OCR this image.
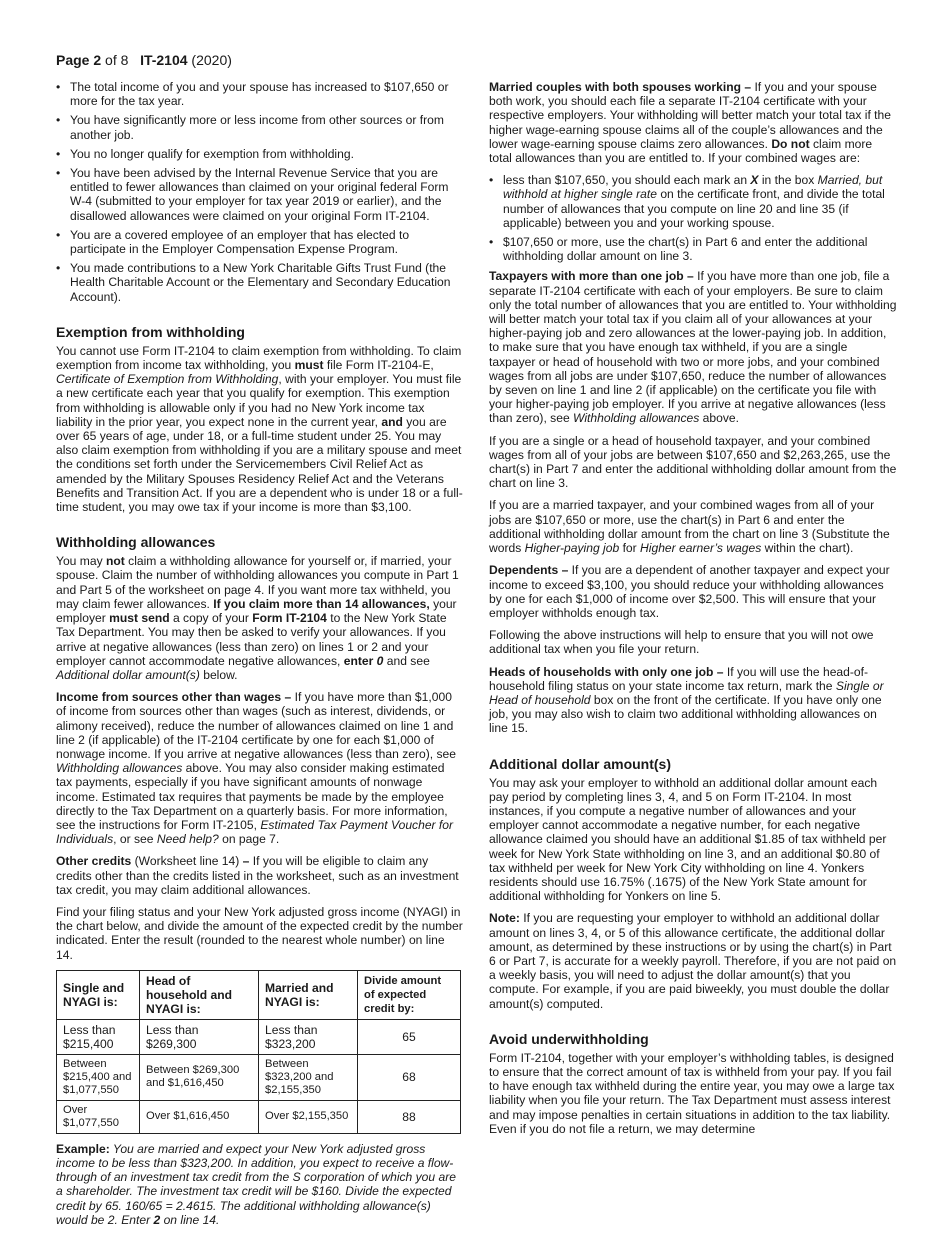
Page 2 of 8   IT-2104 (2020)
• The total income of you and your spouse has increased to $107,650 or more for the tax year.
• You have significantly more or less income from other sources or from another job.
• You no longer qualify for exemption from withholding.
• You have been advised by the Internal Revenue Service that you are entitled to fewer allowances than claimed on your original federal Form W-4 (submitted to your employer for tax year 2019 or earlier), and the disallowed allowances were claimed on your original Form IT-2104.
• You are a covered employee of an employer that has elected to participate in the Employer Compensation Expense Program.
• You made contributions to a New York Charitable Gifts Trust Fund (the Health Charitable Account or the Elementary and Secondary Education Account).
Exemption from withholding

You cannot use Form IT-2104 to claim exemption from withholding. To claim exemption from income tax withholding, you must file Form IT-2104-E, Certificate of Exemption from Withholding, with your employer. You must file a new certificate each year that you qualify for exemption. This exemption from withholding is allowable only if you had no New York income tax liability in the prior year, you expect none in the current year, and you are over 65 years of age, under 18, or a full-time student under 25. You may also claim exemption from withholding if you are a military spouse and meet the conditions set forth under the Servicemembers Civil Relief Act as amended by the Military Spouses Residency Relief Act and the Veterans Benefits and Transition Act. If you are a dependent who is under 18 or a full-time student, you may owe tax if your income is more than $3,100.

Withholding allowances

You may not claim a withholding allowance for yourself or, if married, your spouse. Claim the number of withholding allowances you compute in Part 1 and Part 5 of the worksheet on page 4. If you want more tax withheld, you may claim fewer allowances. If you claim more than 14 allowances, your employer must send a copy of your Form IT-2104 to the New York State Tax Department. You may then be asked to verify your allowances. If you arrive at negative allowances (less than zero) on lines 1 or 2 and your employer cannot accommodate negative allowances, enter 0 and see Additional dollar amount(s) below.

Income from sources other than wages – If you have more than $1,000 of income from sources other than wages (such as interest, dividends, or alimony received), reduce the number of allowances claimed on line 1 and line 2 (if applicable) of the IT-2104 certificate by one for each $1,000 of nonwage income. If you arrive at negative allowances (less than zero), see Withholding allowances above. You may also consider making estimated tax payments, especially if you have significant amounts of nonwage income. Estimated tax requires that payments be made by the employee directly to the Tax Department on a quarterly basis. For more information, see the instructions for Form IT-2105, Estimated Tax Payment Voucher for Individuals, or see Need help? on page 7.

Other credits (Worksheet line 14) – If you will be eligible to claim any credits other than the credits listed in the worksheet, such as an investment tax credit, you may claim additional allowances.

Find your filing status and your New York adjusted gross income (NYAGI) in the chart below, and divide the amount of the expected credit by the number indicated. Enter the result (rounded to the nearest whole number) on line 14.

Single and NYAGI is:	Head of household and NYAGI is:	Married and NYAGI is:	Divide amount of expected credit by:
Less than $215,400	Less than $269,300	Less than $323,200	65
Between $215,400 and $1,077,550	Between $269,300 and $1,616,450	Between $323,200 and $2,155,350	68
Over $1,077,550	Over $1,616,450	Over $2,155,350	88

Example: You are married and expect your New York adjusted gross income to be less than $323,200. In addition, you expect to receive a flow-through of an investment tax credit from the S corporation of which you are a shareholder. The investment tax credit will be $160. Divide the expected credit by 65. 160/65 = 2.4615. The additional withholding allowance(s) would be 2. Enter 2 on line 14.

Married couples with both spouses working – If you and your spouse both work, you should each file a separate IT-2104 certificate with your respective employers. Your withholding will better match your total tax if the higher wage-earning spouse claims all of the couple’s allowances and the lower wage-earning spouse claims zero allowances. Do not claim more total allowances than you are entitled to. If your combined wages are:

• less than $107,650, you should each mark an X in the box Married, but withhold at higher single rate on the certificate front, and divide the total number of allowances that you compute on line 20 and line 35 (if applicable) between you and your working spouse.
• $107,650 or more, use the chart(s) in Part 6 and enter the additional withholding dollar amount on line 3.

Taxpayers with more than one job – If you have more than one job, file a separate IT-2104 certificate with each of your employers. Be sure to claim only the total number of allowances that you are entitled to. Your withholding will better match your total tax if you claim all of your allowances at your higher-paying job and zero allowances at the lower-paying job. In addition, to make sure that you have enough tax withheld, if you are a single taxpayer or head of household with two or more jobs, and your combined wages from all jobs are under $107,650, reduce the number of allowances by seven on line 1 and line 2 (if applicable) on the certificate you file with your higher-paying job employer. If you arrive at negative allowances (less than zero), see Withholding allowances above.

If you are a single or a head of household taxpayer, and your combined wages from all of your jobs are between $107,650 and $2,263,265, use the chart(s) in Part 7 and enter the additional withholding dollar amount from the chart on line 3.

If you are a married taxpayer, and your combined wages from all of your jobs are $107,650 or more, use the chart(s) in Part 6 and enter the additional withholding dollar amount from the chart on line 3 (Substitute the words Higher-paying job for Higher earner’s wages within the chart).

Dependents – If you are a dependent of another taxpayer and expect your income to exceed $3,100, you should reduce your withholding allowances by one for each $1,000 of income over $2,500. This will ensure that your employer withholds enough tax.

Following the above instructions will help to ensure that you will not owe additional tax when you file your return.

Heads of households with only one job – If you will use the head-of-household filing status on your state income tax return, mark the Single or Head of household box on the front of the certificate. If you have only one job, you may also wish to claim two additional withholding allowances on line 15.

Additional dollar amount(s)

You may ask your employer to withhold an additional dollar amount each pay period by completing lines 3, 4, and 5 on Form IT-2104. In most instances, if you compute a negative number of allowances and your employer cannot accommodate a negative number, for each negative allowance claimed you should have an additional $1.85 of tax withheld per week for New York State withholding on line 3, and an additional $0.80 of tax withheld per week for New York City withholding on line 4. Yonkers residents should use 16.75% (.1675) of the New York State amount for additional withholding for Yonkers on line 5.

Note: If you are requesting your employer to withhold an additional dollar amount on lines 3, 4, or 5 of this allowance certificate, the additional dollar amount, as determined by these instructions or by using the chart(s) in Part 6 or Part 7, is accurate for a weekly payroll. Therefore, if you are not paid on a weekly basis, you will need to adjust the dollar amount(s) that you compute. For example, if you are paid biweekly, you must double the dollar amount(s) computed.

Avoid underwithholding

Form IT-2104, together with your employer’s withholding tables, is designed to ensure that the correct amount of tax is withheld from your pay. If you fail to have enough tax withheld during the entire year, you may owe a large tax liability when you file your return. The Tax Department must assess interest and may impose penalties in certain situations in addition to the tax liability. Even if you do not file a return, we may determine
